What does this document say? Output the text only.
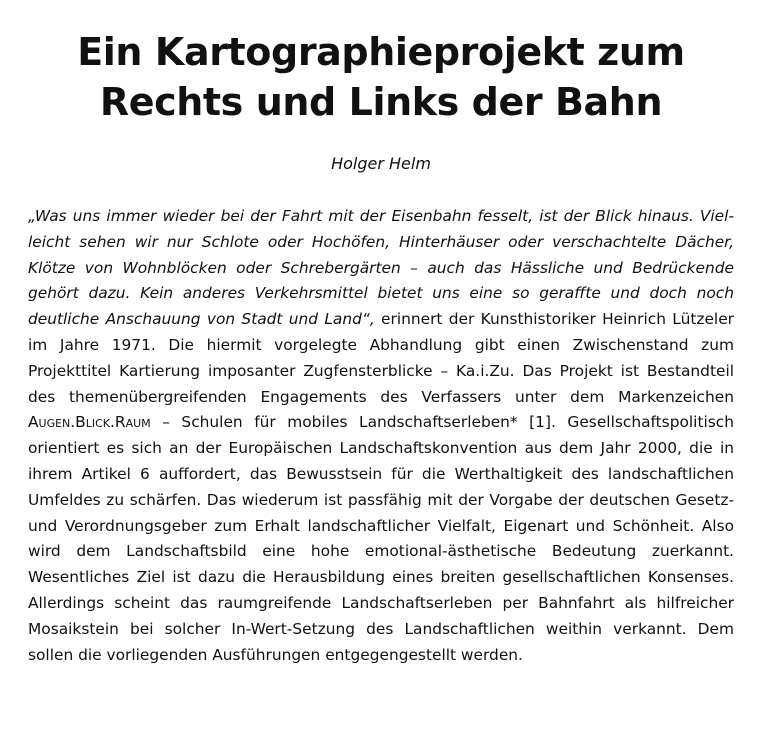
Ein Kartographieprojekt zum
Rechts und Links der Bahn
Holger Helm

„Was uns immer wieder bei der Fahrt mit der Eisenbahn fesselt, ist der Blick hinaus. Vielleicht sehen wir nur Schlote oder Hochöfen, Hinterhäuser oder verschachtelte Dächer, Klötze von Wohnblöcken oder Schrebergärten – auch das Hässliche und Bedrückende gehört dazu. Kein anderes Verkehrsmittel bietet uns eine so geraffte und doch noch deutliche Anschauung von Stadt und Land“, erinnert der Kunsthistoriker Heinrich Lützeler im Jahre 1971. Die hiermit vorgelegte Abhandlung gibt einen Zwischenstand zum Projekttitel Kartierung imposanter Zugfensterblicke – Ka.i.Zu. Das Projekt ist Bestandteil des themenübergreifenden Engagements des Verfassers unter dem Markenzeichen Augen.Blick.Raum – Schulen für mobiles Landschaftserleben* [1]. Gesellschaftspolitisch orientiert es sich an der Europäischen Landschaftskonvention aus dem Jahr 2000, die in ihrem Artikel 6 auffordert, das Bewusstsein für die Werthaltigkeit des landschaftlichen Umfeldes zu schärfen. Das wiederum ist passfähig mit der Vorgabe der deutschen Gesetz- und Verordnungsgeber zum Erhalt landschaftlicher Vielfalt, Eigenart und Schönheit. Also wird dem Landschaftsbild eine hohe emotional-ästhetische Bedeutung zuerkannt. Wesentliches Ziel ist dazu die Herausbildung eines breiten gesellschaftlichen Konsenses. Allerdings scheint das raumgreifende Landschaftserleben per Bahnfahrt als hilfreicher Mosaikstein bei solcher In-Wert-Setzung des Landschaftlichen weithin verkannt. Dem sollen die vorliegenden Ausführungen entgegengestellt werden.
